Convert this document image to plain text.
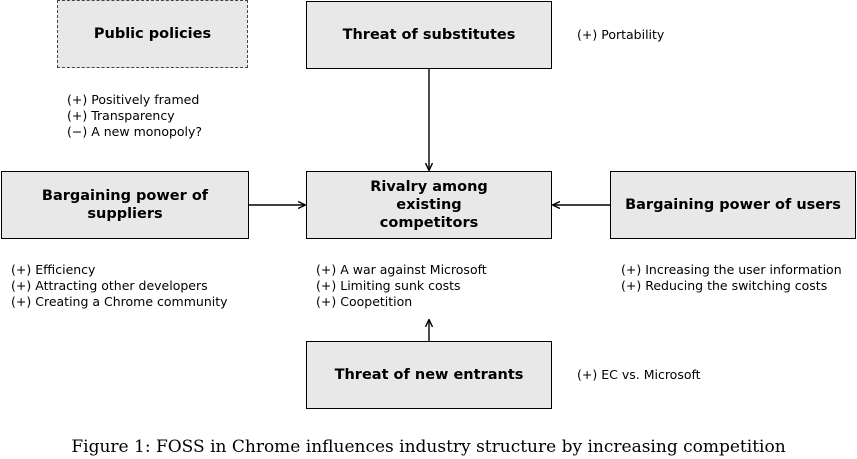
Public policies	Threat of substitutes
Bargaining power of suppliers
Rivalry among existing competitors
Bargaining power of users
Threat of new entrants
(+) Positively framed
(+) Transparency
(−) A new monopoly?
(+) Portability
(+) Efficiency
(+) Attracting other developers
(+) Creating a Chrome community
(+) A war against Microsoft
(+) Limiting sunk costs
(+) Coopetition
(+) Increasing the user information
(+) Reducing the switching costs
(+) EC vs. Microsoft
Figure 1: FOSS in Chrome influences industry structure by increasing competition
